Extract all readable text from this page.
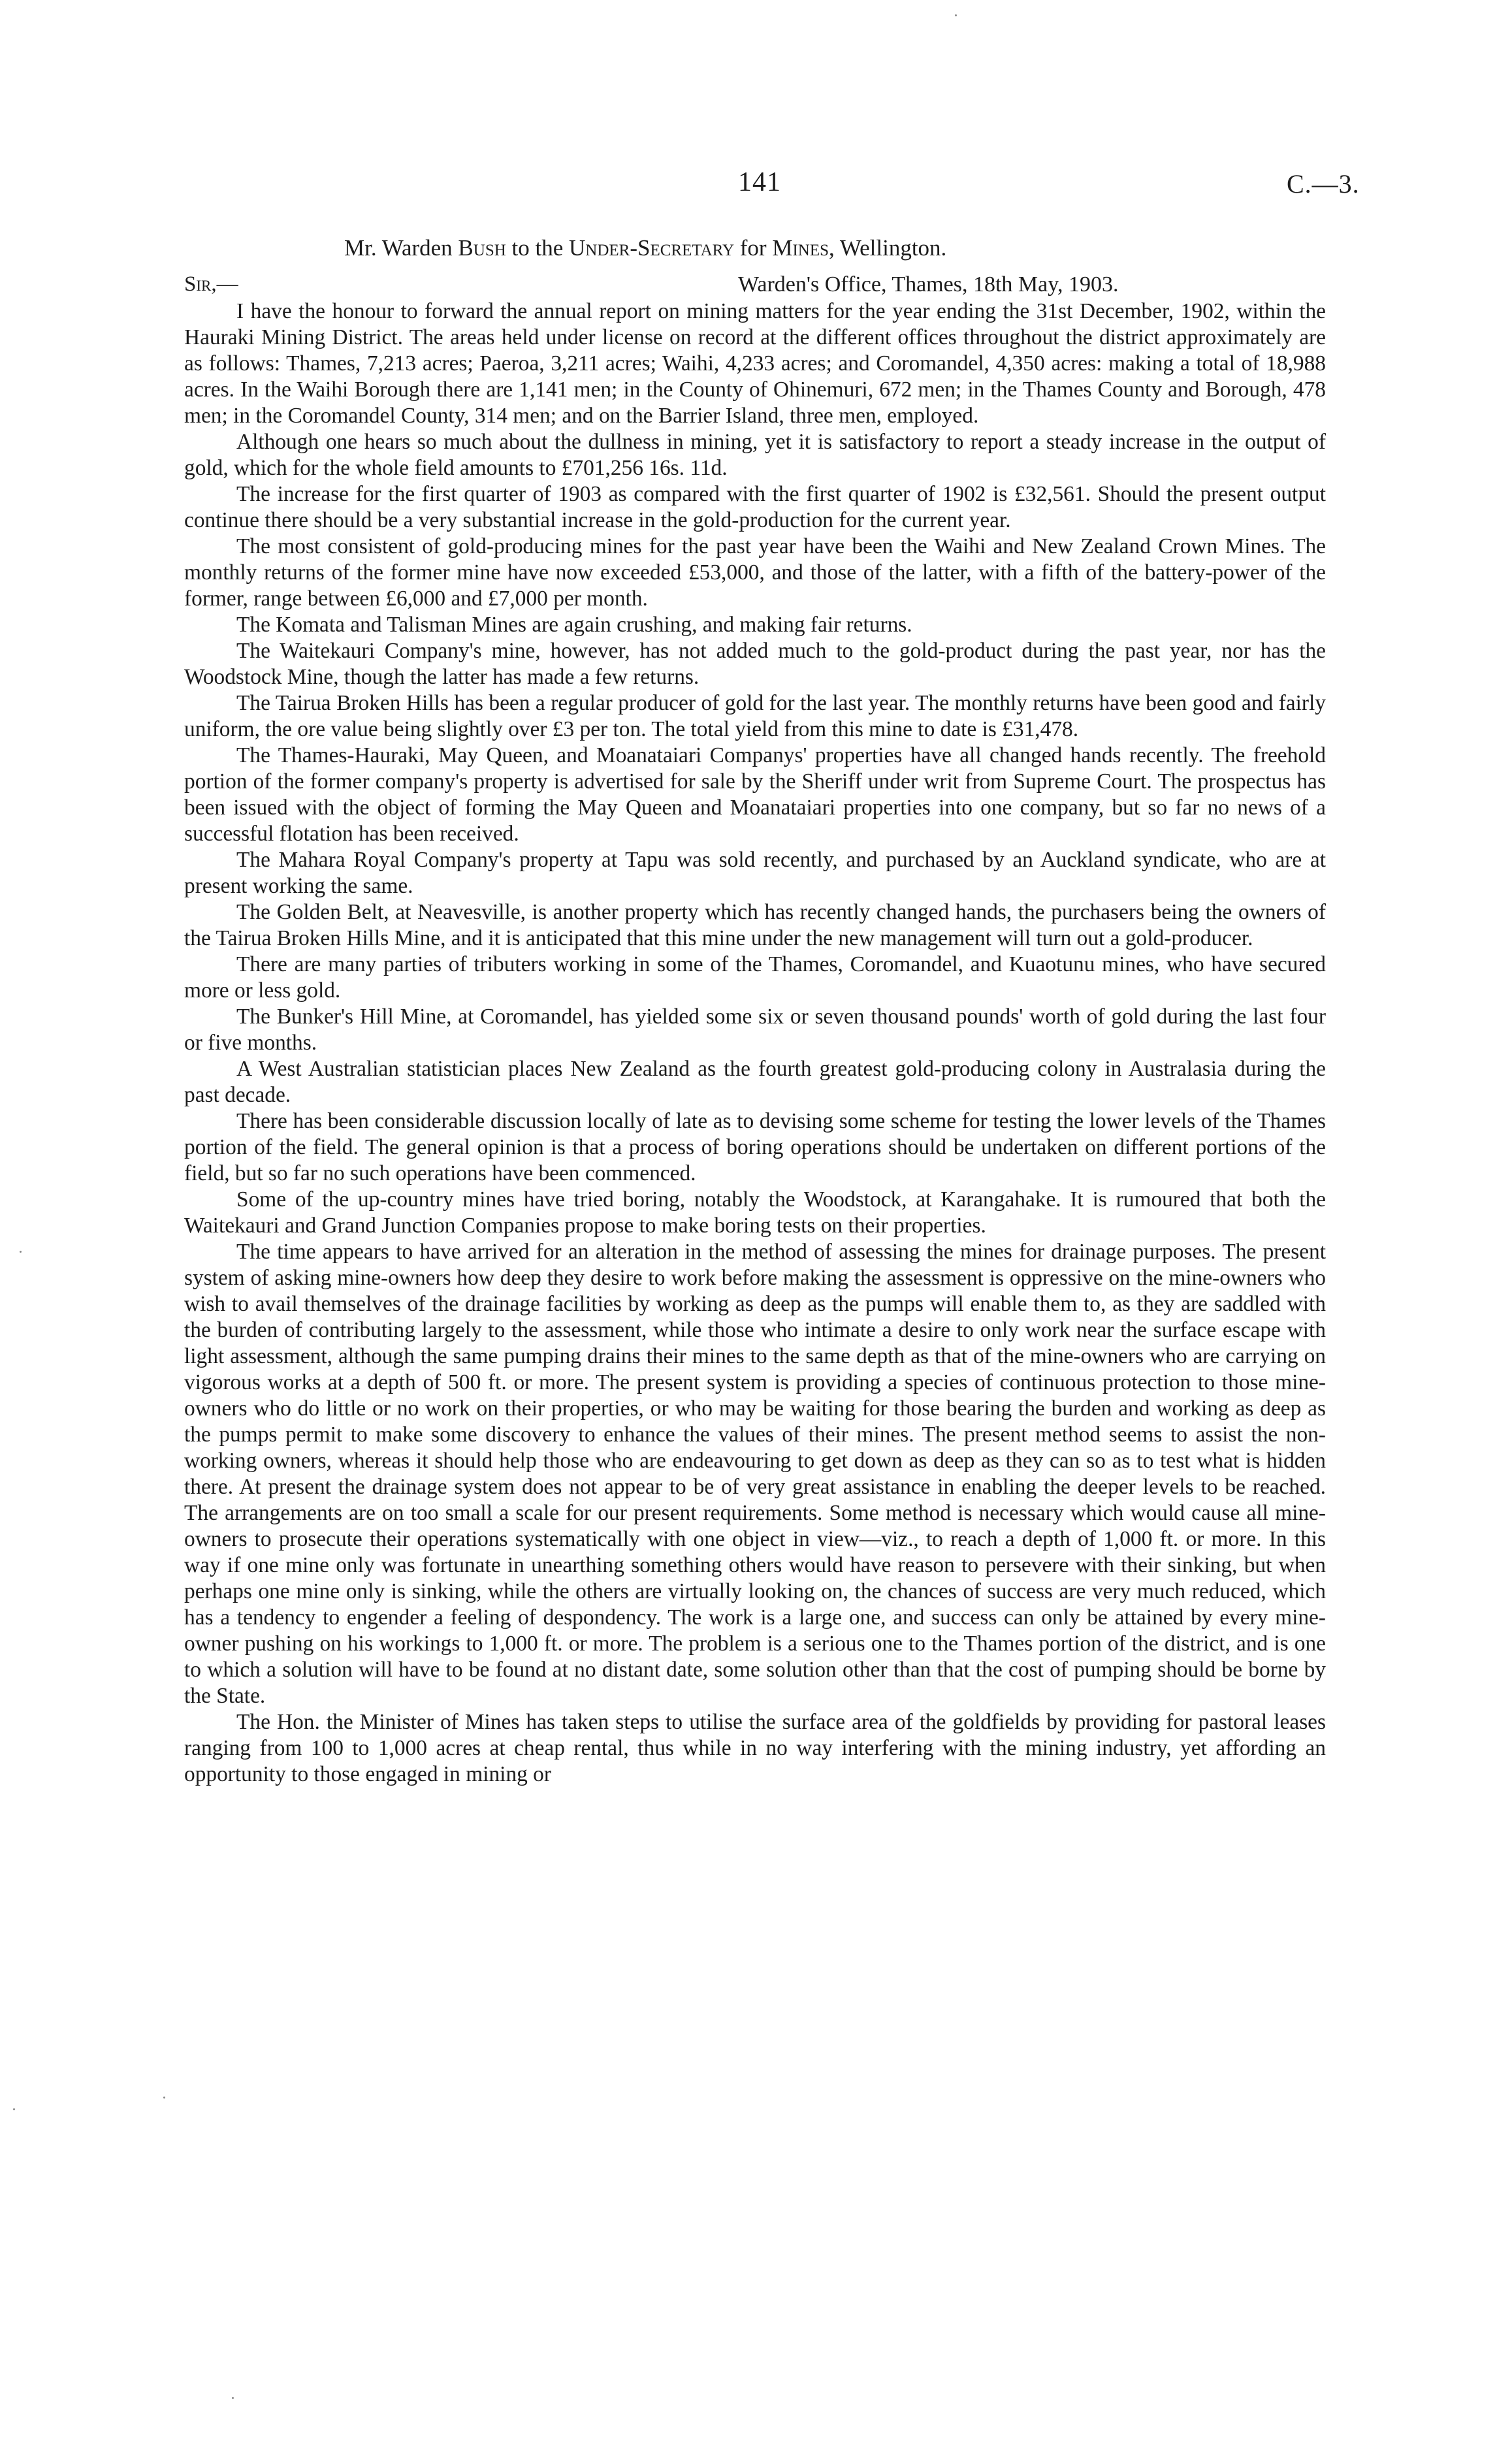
141	C.—3.
Mr. Warden Bush to the Under-Secretary for Mines, Wellington.
Sir,—	Warden's Office, Thames, 18th May, 1903.

I have the honour to forward the annual report on mining matters for the year ending the 31st December, 1902, within the Hauraki Mining District. The areas held under license on record at the different offices throughout the district approximately are as follows: Thames, 7,213 acres; Paeroa, 3,211 acres; Waihi, 4,233 acres; and Coromandel, 4,350 acres: making a total of 18,988 acres. In the Waihi Borough there are 1,141 men; in the County of Ohinemuri, 672 men; in the Thames County and Borough, 478 men; in the Coromandel County, 314 men; and on the Barrier Island, three men, employed.

Although one hears so much about the dullness in mining, yet it is satisfactory to report a steady increase in the output of gold, which for the whole field amounts to £701,256 16s. 11d.

The increase for the first quarter of 1903 as compared with the first quarter of 1902 is £32,561. Should the present output continue there should be a very substantial increase in the gold-production for the current year.

The most consistent of gold-producing mines for the past year have been the Waihi and New Zealand Crown Mines. The monthly returns of the former mine have now exceeded £53,000, and those of the latter, with a fifth of the battery-power of the former, range between £6,000 and £7,000 per month.

The Komata and Talisman Mines are again crushing, and making fair returns.

The Waitekauri Company's mine, however, has not added much to the gold-product during the past year, nor has the Woodstock Mine, though the latter has made a few returns.

The Tairua Broken Hills has been a regular producer of gold for the last year. The monthly returns have been good and fairly uniform, the ore value being slightly over £3 per ton. The total yield from this mine to date is £31,478.

The Thames-Hauraki, May Queen, and Moanataiari Companys' properties have all changed hands recently. The freehold portion of the former company's property is advertised for sale by the Sheriff under writ from Supreme Court. The prospectus has been issued with the object of forming the May Queen and Moanataiari properties into one company, but so far no news of a successful flotation has been received.

The Mahara Royal Company's property at Tapu was sold recently, and purchased by an Auckland syndicate, who are at present working the same.

The Golden Belt, at Neavesville, is another property which has recently changed hands, the purchasers being the owners of the Tairua Broken Hills Mine, and it is anticipated that this mine under the new management will turn out a gold-producer.

There are many parties of tributers working in some of the Thames, Coromandel, and Kuaotunu mines, who have secured more or less gold.

The Bunker's Hill Mine, at Coromandel, has yielded some six or seven thousand pounds' worth of gold during the last four or five months.

A West Australian statistician places New Zealand as the fourth greatest gold-producing colony in Australasia during the past decade.

There has been considerable discussion locally of late as to devising some scheme for testing the lower levels of the Thames portion of the field. The general opinion is that a process of boring operations should be undertaken on different portions of the field, but so far no such operations have been commenced.

Some of the up-country mines have tried boring, notably the Woodstock, at Karangahake. It is rumoured that both the Waitekauri and Grand Junction Companies propose to make boring tests on their properties.

The time appears to have arrived for an alteration in the method of assessing the mines for drainage purposes. The present system of asking mine-owners how deep they desire to work before making the assessment is oppressive on the mine-owners who wish to avail themselves of the drainage facilities by working as deep as the pumps will enable them to, as they are saddled with the burden of contributing largely to the assessment, while those who intimate a desire to only work near the surface escape with light assessment, although the same pumping drains their mines to the same depth as that of the mine-owners who are carrying on vigorous works at a depth of 500 ft. or more. The present system is providing a species of continuous protection to those mine-owners who do little or no work on their properties, or who may be waiting for those bearing the burden and working as deep as the pumps permit to make some discovery to enhance the values of their mines. The present method seems to assist the non-working owners, whereas it should help those who are endeavouring to get down as deep as they can so as to test what is hidden there. At present the drainage system does not appear to be of very great assistance in enabling the deeper levels to be reached. The arrangements are on too small a scale for our present requirements. Some method is necessary which would cause all mine-owners to prosecute their operations systematically with one object in view—viz., to reach a depth of 1,000 ft. or more. In this way if one mine only was fortunate in unearthing something others would have reason to persevere with their sinking, but when perhaps one mine only is sinking, while the others are virtually looking on, the chances of success are very much reduced, which has a tendency to engender a feeling of despondency. The work is a large one, and success can only be attained by every mine-owner pushing on his workings to 1,000 ft. or more. The problem is a serious one to the Thames portion of the district, and is one to which a solution will have to be found at no distant date, some solution other than that the cost of pumping should be borne by the State.

The Hon. the Minister of Mines has taken steps to utilise the surface area of the goldfields by providing for pastoral leases ranging from 100 to 1,000 acres at cheap rental, thus while in no way interfering with the mining industry, yet affording an opportunity to those engaged in mining or
